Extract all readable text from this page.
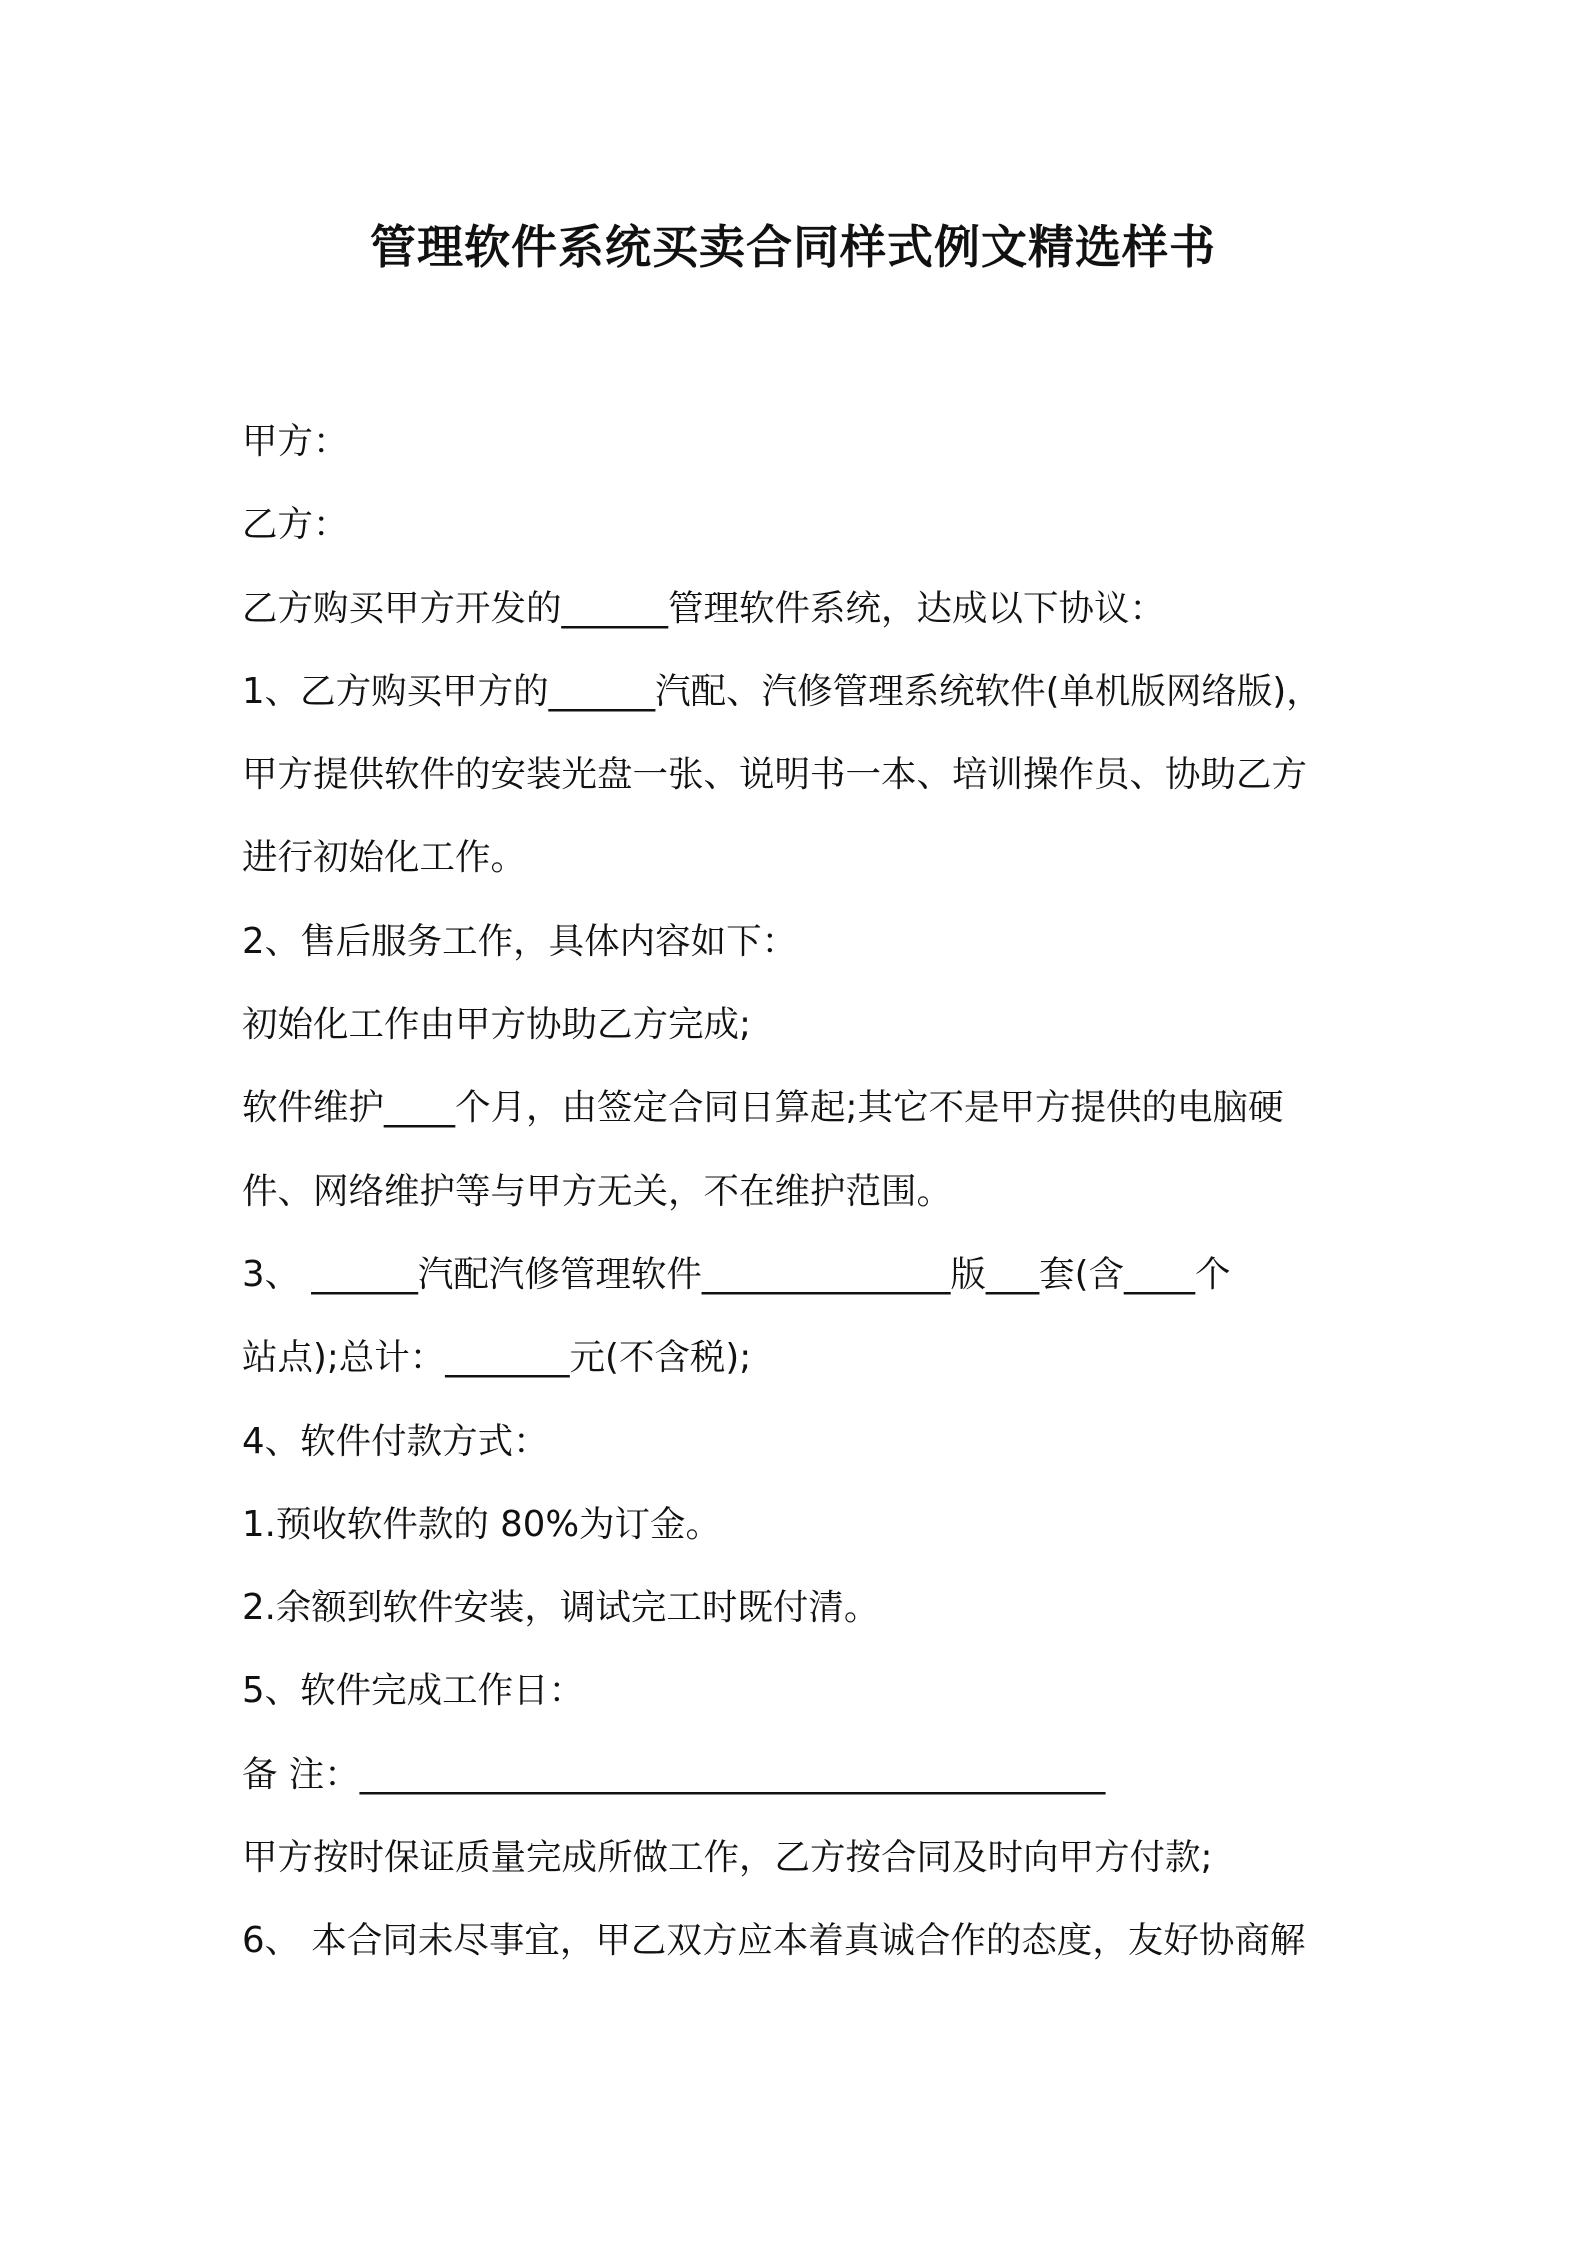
管理软件系统买卖合同样式例文精选样书
甲方：
乙方：
乙方购买甲方开发的______管理软件系统，达成以下协议：
1、乙方购买甲方的______汽配、汽修管理系统软件(单机版网络版)，
甲方提供软件的安装光盘一张、说明书一本、培训操作员、协助乙方
进行初始化工作。
2、售后服务工作，具体内容如下：
初始化工作由甲方协助乙方完成;
软件维护____个月，由签定合同日算起;其它不是甲方提供的电脑硬
件、网络维护等与甲方无关，不在维护范围。
3、 ______汽配汽修管理软件______________版___套(含____个
站点);总计：_______元(不含税);
4、软件付款方式：
1.预收软件款的 80%为订金。
2.余额到软件安装，调试完工时既付清。
5、软件完成工作日：
备 注：__________________________________________
甲方按时保证质量完成所做工作，乙方按合同及时向甲方付款;
6、 本合同未尽事宜，甲乙双方应本着真诚合作的态度，友好协商解
